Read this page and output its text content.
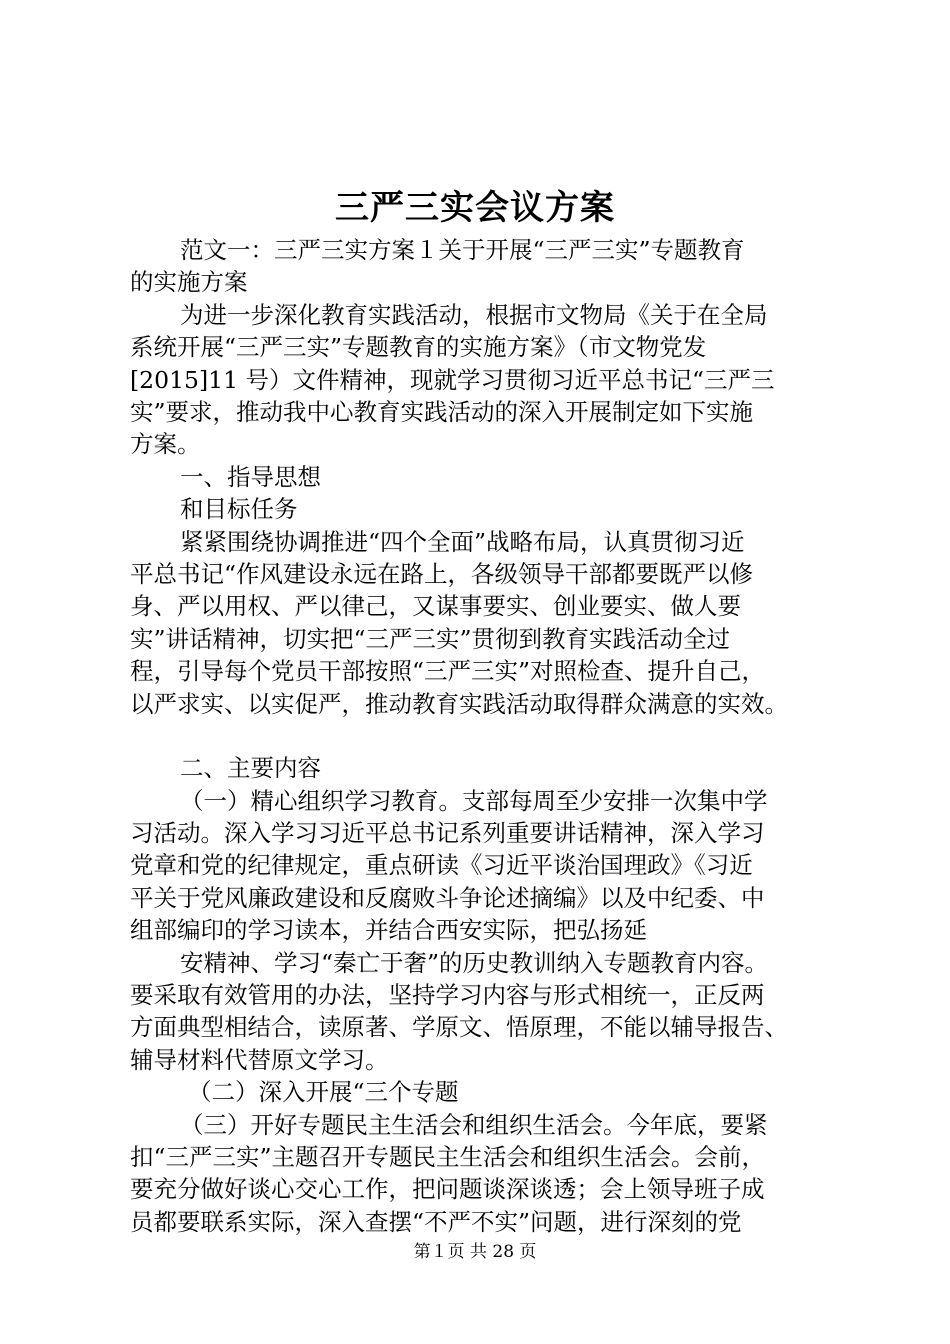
三严三实会议方案
范文一：三严三实方案１关于开展“三严三实”专题教育
的实施方案
为进一步深化教育实践活动，根据市文物局《关于在全局
系统开展“三严三实”专题教育的实施方案》（市文物党发
[2015]11 号）文件精神，现就学习贯彻习近平总书记“三严三
实”要求，推动我中心教育实践活动的深入开展制定如下实施
方案。
一、指导思想
和目标任务
紧紧围绕协调推进“四个全面”战略布局，认真贯彻习近
平总书记“作风建设永远在路上，各级领导干部都要既严以修
身、严以用权、严以律己，又谋事要实、创业要实、做人要
实”讲话精神，切实把“三严三实”贯彻到教育实践活动全过
程，引导每个党员干部按照“三严三实”对照检查、提升自己，
以严求实、以实促严，推动教育实践活动取得群众满意的实效。
二、主要内容
（一）精心组织学习教育。支部每周至少安排一次集中学
习活动。深入学习习近平总书记系列重要讲话精神，深入学习
党章和党的纪律规定，重点研读《习近平谈治国理政》《习近
平关于党风廉政建设和反腐败斗争论述摘编》以及中纪委、中
组部编印的学习读本，并结合西安实际，把弘扬延
安精神、学习“秦亡于奢”的历史教训纳入专题教育内容。
要采取有效管用的办法，坚持学习内容与形式相统一，正反两
方面典型相结合，读原著、学原文、悟原理，不能以辅导报告、
辅导材料代替原文学习。
（二）深入开展“三个专题
（三）开好专题民主生活会和组织生活会。今年底，要紧
扣“三严三实”主题召开专题民主生活会和组织生活会。会前，
要充分做好谈心交心工作，把问题谈深谈透；会上领导班子成
员都要联系实际，深入查摆“不严不实”问题，进行深刻的党
第１页 共 28 页
